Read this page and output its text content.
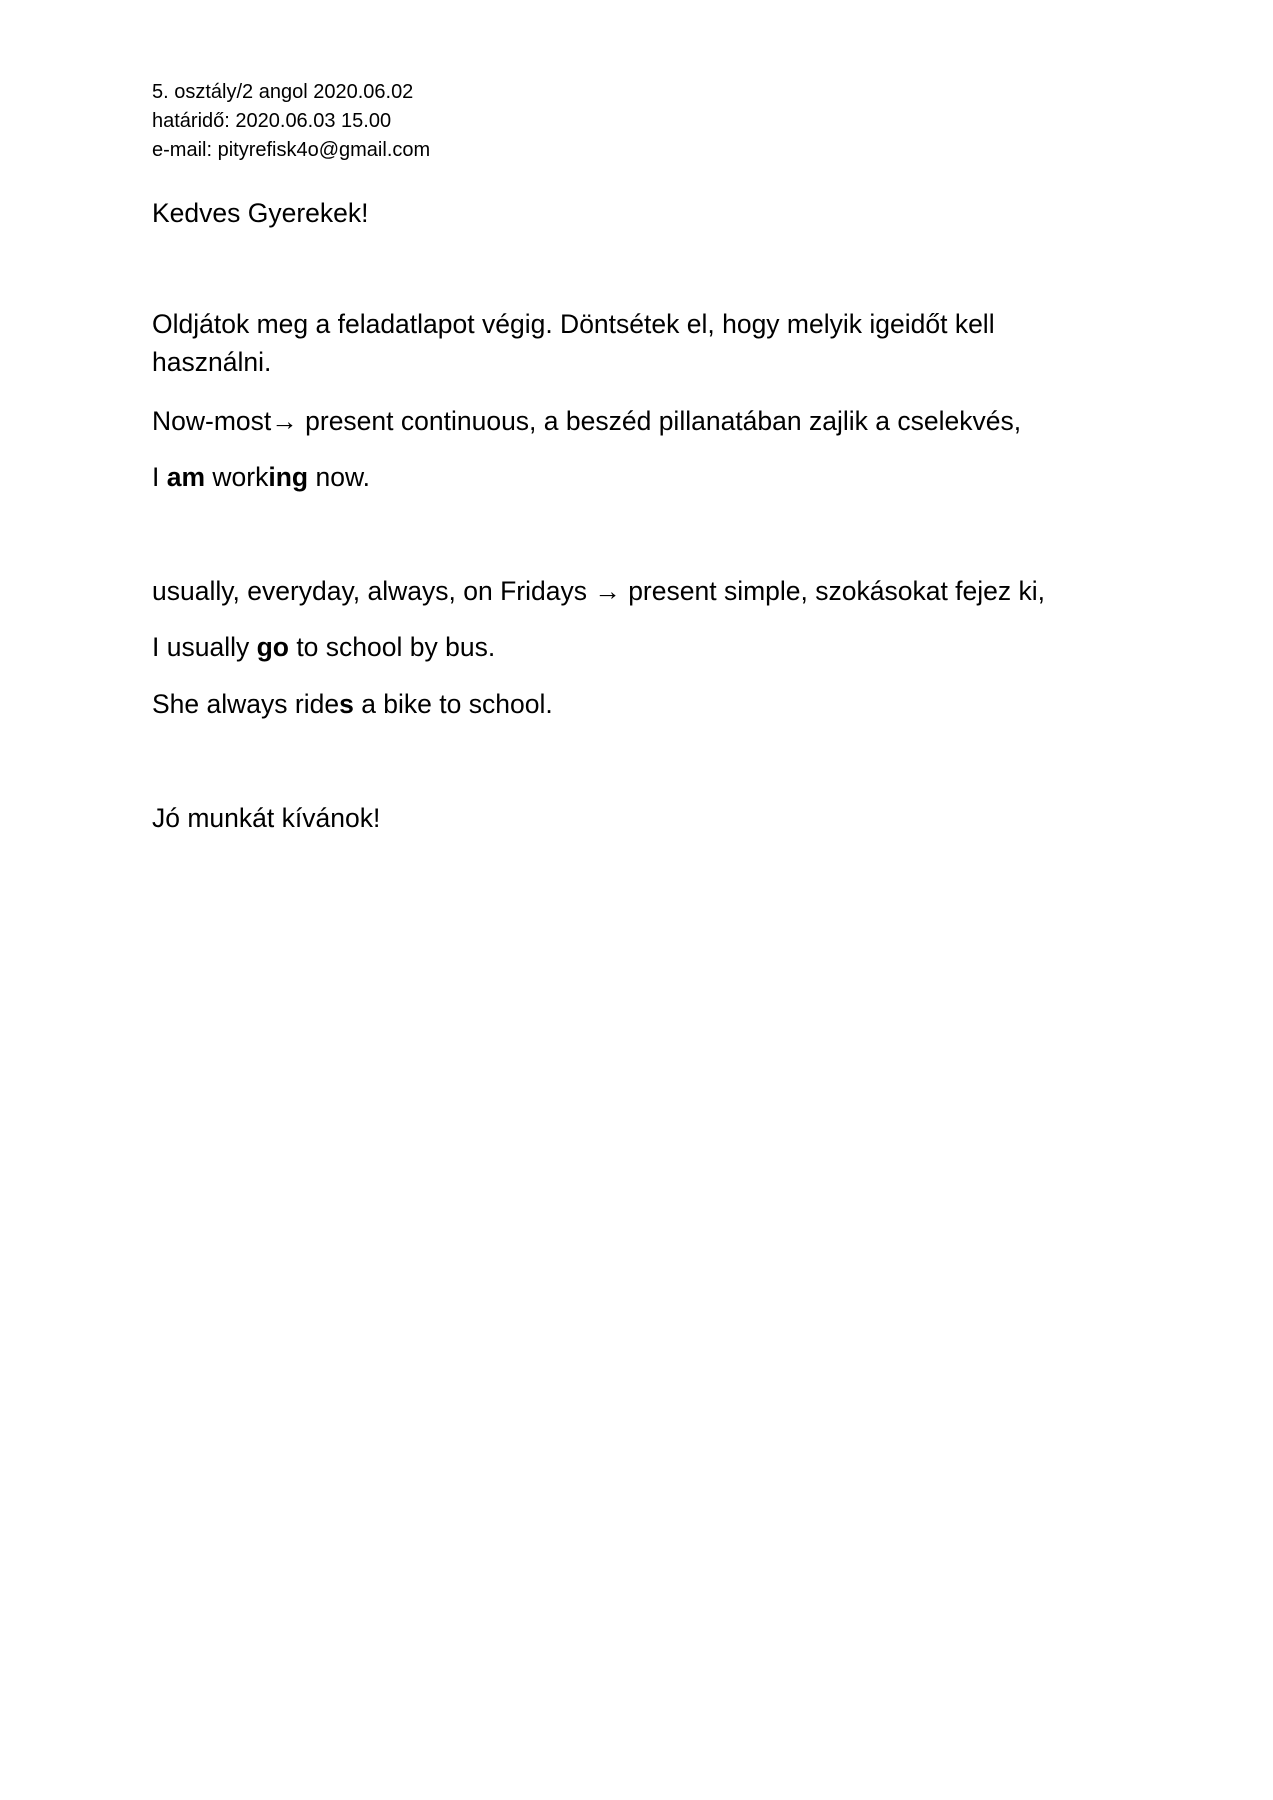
5. osztály/2 angol 2020.06.02
határidő: 2020.06.03 15.00
e-mail: pityrefisk4o@gmail.com
Kedves Gyerekek!
Oldjátok meg a feladatlapot végig. Döntsétek el, hogy melyik igeidőt kell használni.
Now-most→ present continuous, a beszéd pillanatában zajlik a cselekvés,
I am working now.
usually, everyday, always, on Fridays → present simple, szokásokat fejez ki,
I usually go to school by bus.
She always rides a bike to school.
Jó munkát kívánok!
